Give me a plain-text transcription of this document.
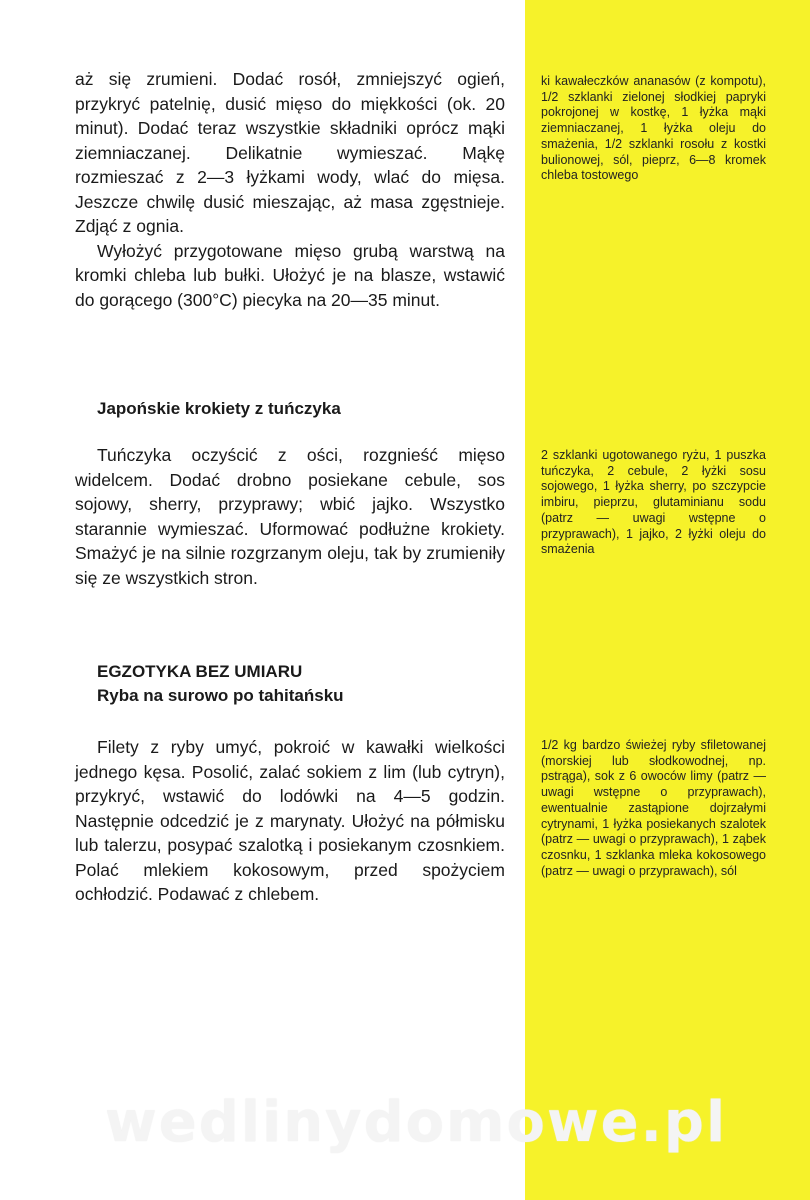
aż się zrumieni. Dodać rosół, zmniejszyć ogień, przykryć patelnię, dusić mięso do miękkości (ok. 20 minut). Dodać teraz wszystkie składniki oprócz mąki ziemniaczanej. Delikatnie wymieszać. Mąkę rozmieszać z 2—3 łyżkami wody, wlać do mięsa. Jeszcze chwilę dusić mieszając, aż masa zgęstnieje. Zdjąć z ognia.

Wyłożyć przygotowane mięso grubą warstwą na kromki chleba lub bułki. Ułożyć je na blasze, wstawić do gorącego (300°C) piecyka na 20—35 minut.

ki kawałeczków ananasów (z kompotu), 1/2 szklanki zielonej słodkiej papryki pokrojonej w kostkę, 1 łyżka mąki ziemniaczanej, 1 łyżka oleju do smażenia, 1/2 szklanki rosołu z kostki bulionowej, sól, pieprz, 6—8 kromek chleba tostowego

Japońskie krokiety z tuńczyka

Tuńczyka oczyścić z ości, rozgnieść mięso widelcem. Dodać drobno posiekane cebule, sos sojowy, sherry, przyprawy; wbić jajko. Wszystko starannie wymieszać. Uformować podłużne krokiety. Smażyć je na silnie rozgrzanym oleju, tak by zrumieniły się ze wszystkich stron.

2 szklanki ugotowanego ryżu, 1 puszka tuńczyka, 2 cebule, 2 łyżki sosu sojowego, 1 łyżka sherry, po szczypcie imbiru, pieprzu, glutaminianu sodu (patrz — uwagi wstępne o przyprawach), 1 jajko, 2 łyżki oleju do smażenia

EGZOTYKA BEZ UMIARU
Ryba na surowo po tahitańsku

Filety z ryby umyć, pokroić w kawałki wielkości jednego kęsa. Posolić, zalać sokiem z lim (lub cytryn), przykryć, wstawić do lodówki na 4—5 godzin. Następnie odcedzić je z marynaty. Ułożyć na półmisku lub talerzu, posypać szalotką i posiekanym czosnkiem. Polać mlekiem kokosowym, przed spożyciem ochłodzić. Podawać z chlebem.

1/2 kg bardzo świeżej ryby sfiletowanej (morskiej lub słodkowodnej, np. pstrąga), sok z 6 owoców limy (patrz — uwagi wstępne o przyprawach), ewentualnie zastąpione dojrzałymi cytrynami, 1 łyżka posiekanych szalotek (patrz — uwagi o przyprawach), 1 ząbek czosnku, 1 szklanka mleka kokosowego (patrz — uwagi o przyprawach), sól

wedlinydomowe.pl
